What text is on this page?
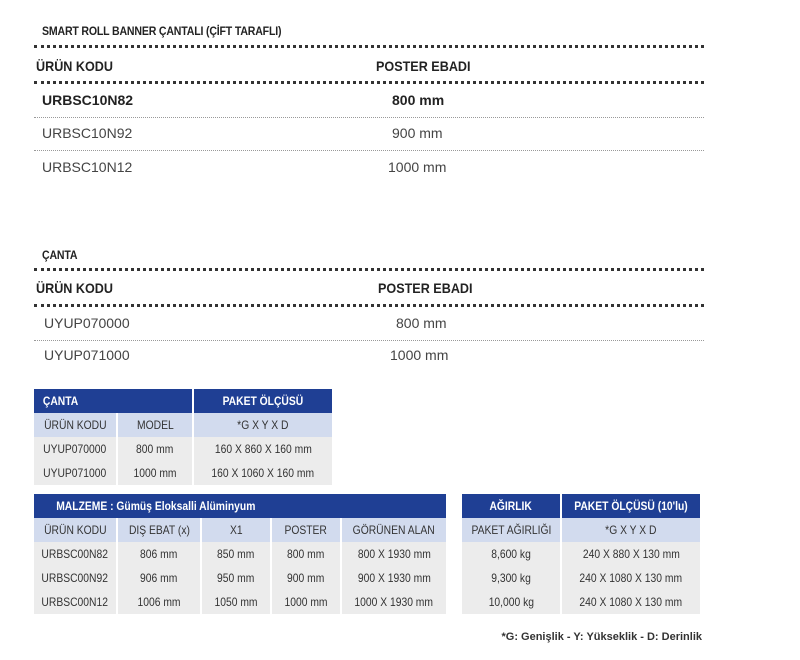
SMART ROLL BANNER ÇANTALI (ÇİFT TARAFLI)
ÜRÜN KODU	POSTER EBADI
URBSC10N82	800 mm
URBSC10N92	900 mm
URBSC10N12	1000 mm
ÇANTA
ÜRÜN KODU	POSTER EBADI
UYUP070000	800 mm
UYUP071000	1000 mm
ÇANTA		PAKET ÖLÇÜSÜ
ÜRÜN KODU	MODEL	*G X Y X D
UYUP070000	800 mm	160 X 860 X 160 mm
UYUP071000	1000 mm	160 X 1060 X 160 mm
MALZEME : Gümüş Eloksalli Alüminyum				
ÜRÜN KODU	DIŞ EBAT (x)	X1	POSTER	GÖRÜNEN ALAN
URBSC00N82	806 mm	850 mm	800 mm	800 X 1930 mm
URBSC00N92	906 mm	950 mm	900 mm	900 X 1930 mm
URBSC00N12	1006 mm	1050 mm	1000 mm	1000 X 1930 mm
AĞIRLIK	PAKET ÖLÇÜSÜ (10'lu)
PAKET AĞIRLIĞI	*G X Y X D
8,600 kg	240 X 880 X 130 mm
9,300 kg	240 X 1080 X 130 mm
10,000 kg	240 X 1080 X 130 mm
*G: Genişlik - Y: Yükseklik - D: Derinlik
